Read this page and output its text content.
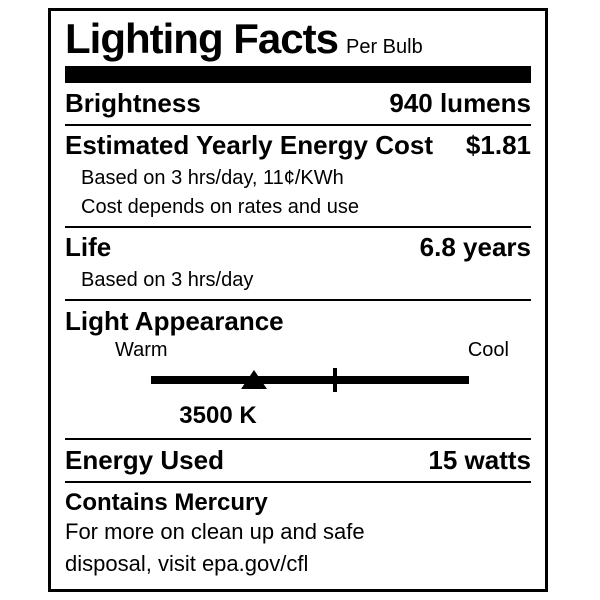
Lighting Facts Per Bulb
Brightness	940 lumens
Estimated Yearly Energy Cost $1.81
Based on 3 hrs/day, 11¢/KWh
Cost depends on rates and use
Life	6.8 years
Based on 3 hrs/day
Light Appearance
Warm	Cool
3500 K
Energy Used	15 watts
Contains Mercury
For more on clean up and safe
disposal, visit epa.gov/cfl
